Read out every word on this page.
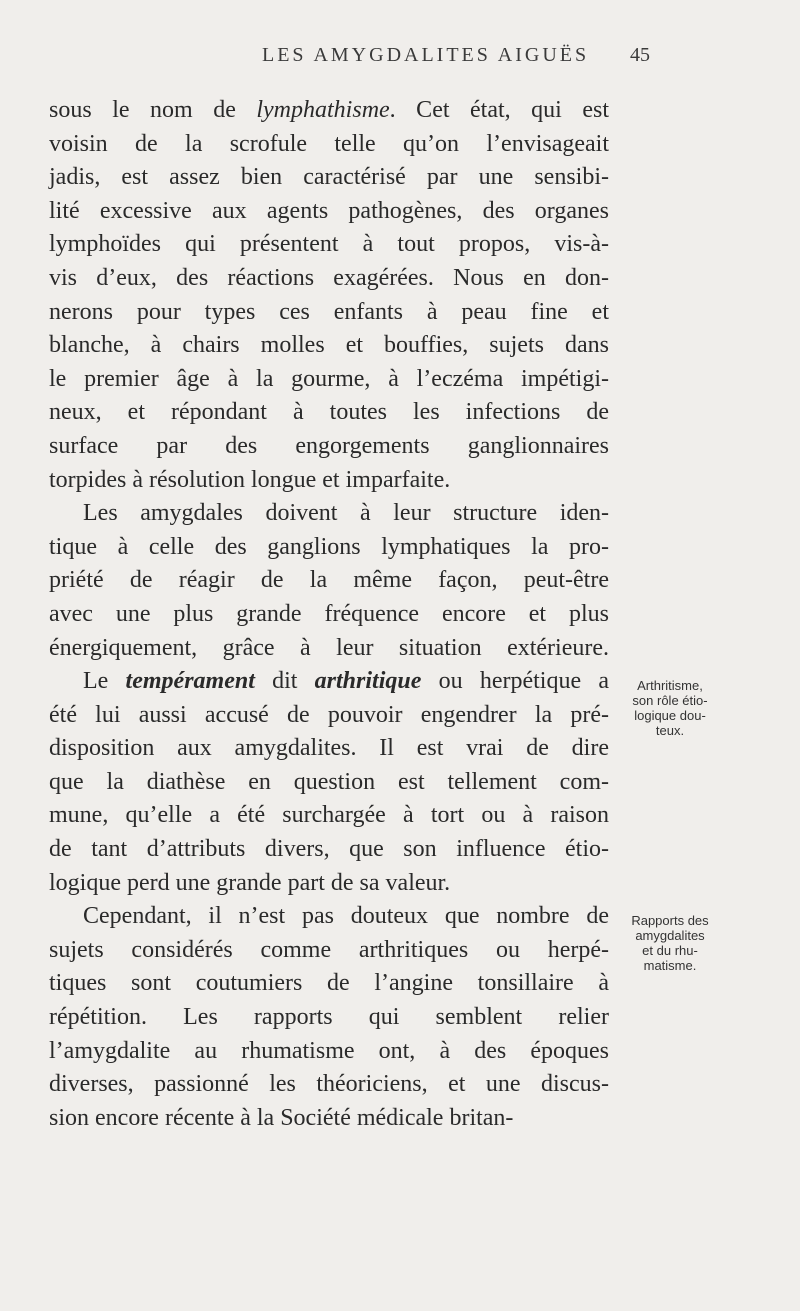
LES AMYGDALITES AIGUËS 45
sous le nom de lymphathisme. Cet état, qui est
voisin de la scrofule telle qu’on l’envisageait
jadis, est assez bien caractérisé par une sensibi-
lité excessive aux agents pathogènes, des organes
lymphoïdes qui présentent à tout propos, vis-à-
vis d’eux, des réactions exagérées. Nous en don-
nerons pour types ces enfants à peau fine et
blanche, à chairs molles et bouffies, sujets dans
le premier âge à la gourme, à l’eczéma impétigi-
neux, et répondant à toutes les infections de
surface par des engorgements ganglionnaires
torpides à résolution longue et imparfaite.
Les amygdales doivent à leur structure iden-
tique à celle des ganglions lymphatiques la pro-
priété de réagir de la même façon, peut-être
avec une plus grande fréquence encore et plus
énergiquement, grâce à leur situation extérieure.
Le tempérament dit arthritique ou herpétique a
été lui aussi accusé de pouvoir engendrer la pré-
disposition aux amygdalites. Il est vrai de dire
que la diathèse en question est tellement com-
mune, qu’elle a été surchargée à tort ou à raison
de tant d’attributs divers, que son influence étio-
logique perd une grande part de sa valeur.
Cependant, il n’est pas douteux que nombre de
sujets considérés comme arthritiques ou herpé-
tiques sont coutumiers de l’angine tonsillaire à
répétition. Les rapports qui semblent relier
l’amygdalite au rhumatisme ont, à des époques
diverses, passionné les théoriciens, et une discus-
sion encore récente à la Société médicale britan-
Arthritisme,
son rôle étio-
logique dou-
teux.
Rapports des
amygdalites
et du rhu-
matisme.
